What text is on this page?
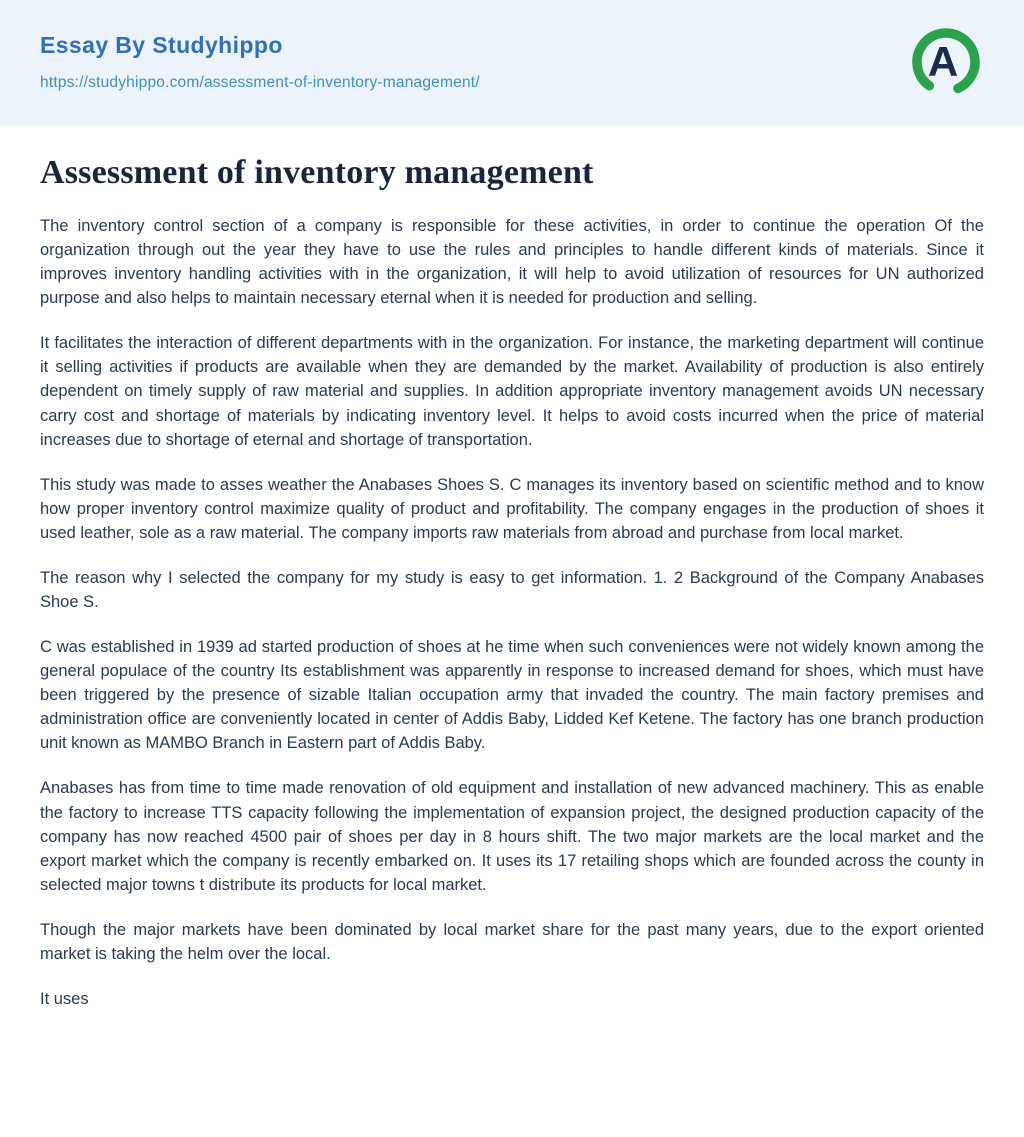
Essay By Studyhippo
https://studyhippo.com/assessment-of-inventory-management/	A
Assessment of inventory management

The inventory control section of a company is responsible for these activities, in order to continue the operation Of the organization through out the year they have to use the rules and principles to handle different kinds of materials. Since it improves inventory handling activities with in the organization, it will help to avoid utilization of resources for UN authorized purpose and also helps to maintain necessary eternal when it is needed for production and selling.

It facilitates the interaction of different departments with in the organization. For instance, the marketing department will continue it selling activities if products are available when they are demanded by the market. Availability of production is also entirely dependent on timely supply of raw material and supplies. In addition appropriate inventory management avoids UN necessary carry cost and shortage of materials by indicating inventory level. It helps to avoid costs incurred when the price of material increases due to shortage of eternal and shortage of transportation.

This study was made to asses weather the Anabases Shoes S. C manages its inventory based on scientific method and to know how proper inventory control maximize quality of product and profitability. The company engages in the production of shoes it used leather, sole as a raw material. The company imports raw materials from abroad and purchase from local market.

The reason why I selected the company for my study is easy to get information. 1. 2 Background of the Company Anabases Shoe S.

C was established in 1939 ad started production of shoes at he time when such conveniences were not widely known among the general populace of the country Its establishment was apparently in response to increased demand for shoes, which must have been triggered by the presence of sizable Italian occupation army that invaded the country. The main factory premises and administration office are conveniently located in center of Addis Baby, Lidded Kef Ketene. The factory has one branch production unit known as MAMBO Branch in Eastern part of Addis Baby.

Anabases has from time to time made renovation of old equipment and installation of new advanced machinery. This as enable the factory to increase TTS capacity following the implementation of expansion project, the designed production capacity of the company has now reached 4500 pair of shoes per day in 8 hours shift. The two major markets are the local market and the export market which the company is recently embarked on. It uses its 17 retailing shops which are founded across the county in selected major towns t distribute its products for local market.

Though the major markets have been dominated by local market share for the past many years, due to the export oriented market is taking the helm over the local.

It uses
